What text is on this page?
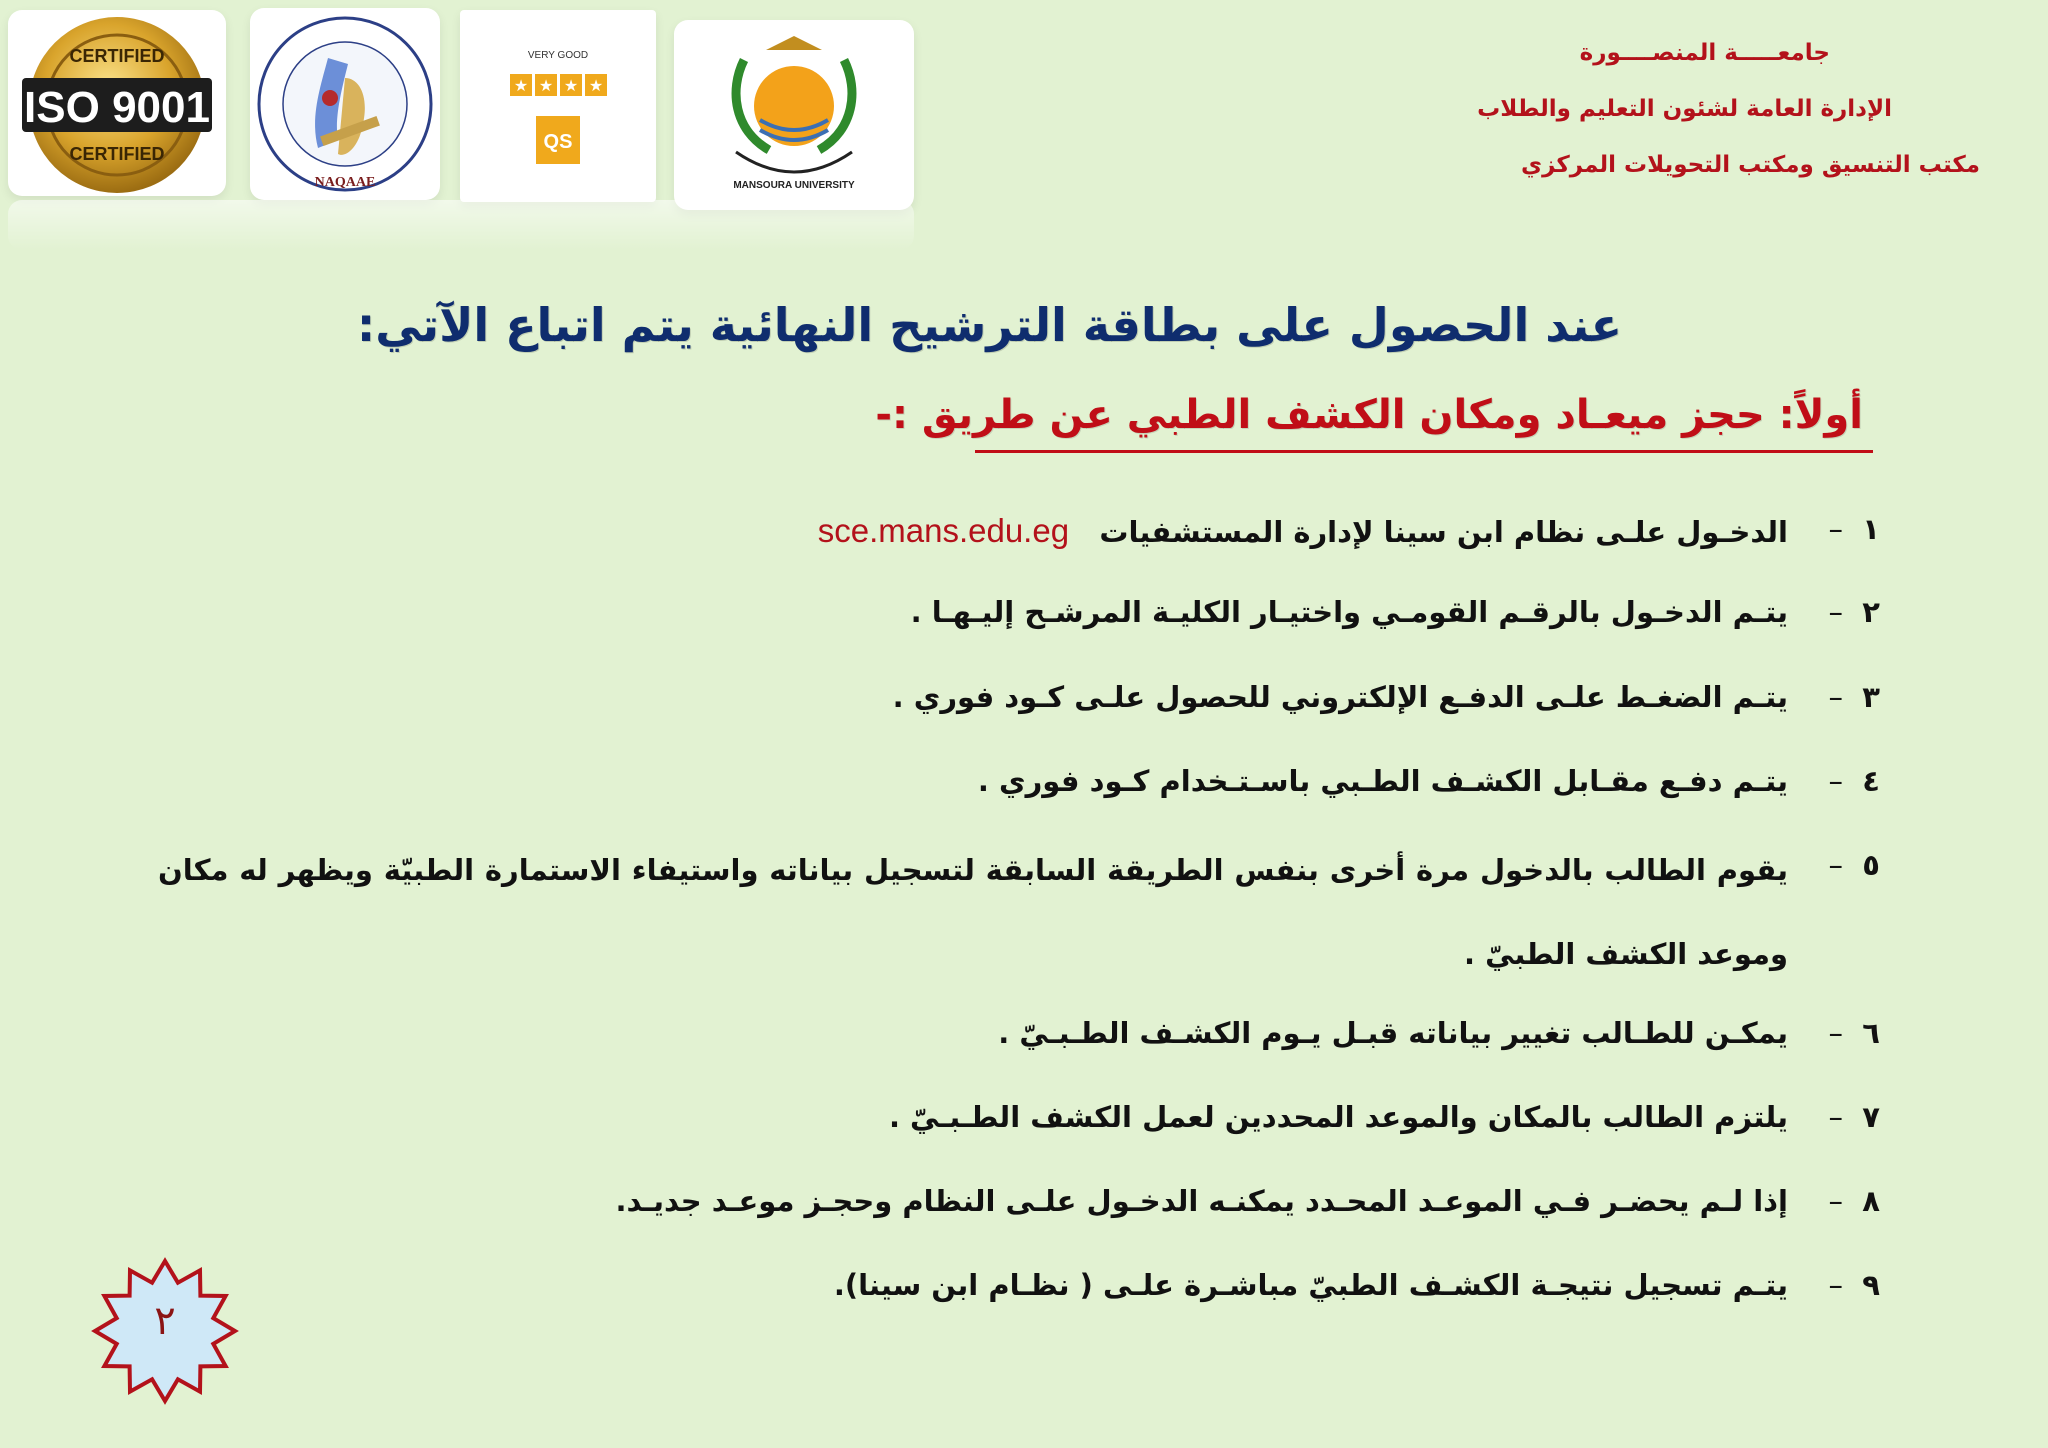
ISO 9001
CERTIFIED
CERTIFIED
NAQAAE
VERY GOOD
★ ★ ★ ★
QS
MANSOURA UNIVERSITY
جامعـــــة المنصــــورة
الإدارة العامة لشئون التعليم والطلاب
مكتب التنسيق ومكتب التحويلات المركزي
عند الحصول على بطاقة الترشيح النهائية يتم اتباع الآتي:
أولاً: حجز ميعـاد ومكان الكشف الطبي عن طريق :-
١
–
الدخـول علـى نظام ابن سينا لإدارة المستشفيات   sce.mans.edu.eg
٢
–
يتـم الدخـول بالرقـم القومـي واختيـار الكليـة المرشـح إليـهـا .
٣
–
يتـم الضغـط علـى الدفـع الإلكتروني للحصول علـى كـود فوري .
٤
–
يتـم دفـع مقـابل الكشـف الطـبي باسـتـخدام كـود فوري .
٥
–
يقوم الطالب بالدخول مرة أخرى بنفس الطريقة السابقة لتسجيل بياناته واستيفاء الاستمارة الطبيّة ويظهر له مكان وموعد الكشف الطبيّ .
٦
–
يمكـن للطـالب تغيير بياناته قبـل يـوم الكشـف الطـبـيّ .
٧
–
يلتزم الطالب بالمكان والموعد المحددين لعمل الكشف الطـبـيّ .
٨
–
إذا لـم يحضـر فـي الموعـد المحـدد يمكنـه الدخـول علـى النظام وحجـز موعـد جديـد.
٩
–
يتـم تسجيل نتيجـة الكشـف الطبيّ مباشـرة علـى ( نظـام ابن سينا).
٢
